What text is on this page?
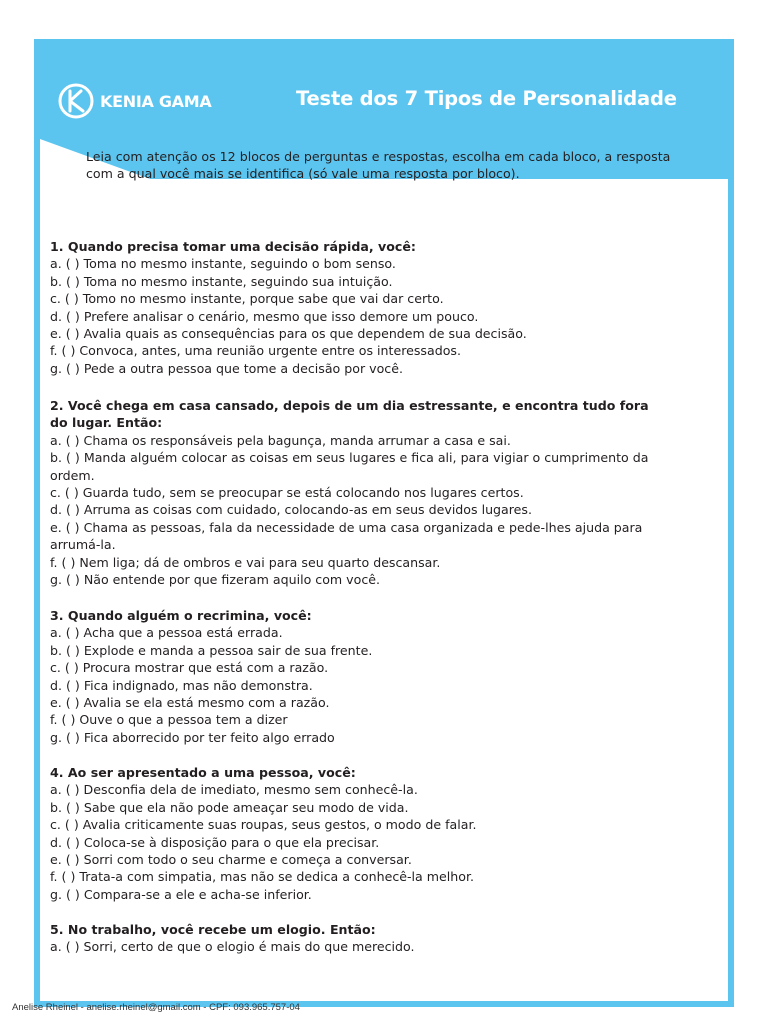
KENIA GAMA	Teste dos 7 Tipos de Personalidade
Leia com atenção os 12 blocos de perguntas e respostas, escolha em cada bloco, a resposta com a qual você mais se identifica (só vale uma resposta por bloco).
1. Quando precisa tomar uma decisão rápida, você:
a. ( ) Toma no mesmo instante, seguindo o bom senso.
b. ( ) Toma no mesmo instante, seguindo sua intuição.
c. ( ) Tomo no mesmo instante, porque sabe que vai dar certo.
d. ( ) Prefere analisar o cenário, mesmo que isso demore um pouco.
e. ( ) Avalia quais as consequências para os que dependem de sua decisão.
f. ( ) Convoca, antes, uma reunião urgente entre os interessados.
g. ( ) Pede a outra pessoa que tome a decisão por você.
2. Você chega em casa cansado, depois de um dia estressante, e encontra tudo fora do lugar. Então:
a. ( ) Chama os responsáveis pela bagunça, manda arrumar a casa e sai.
b. ( ) Manda alguém colocar as coisas em seus lugares e fica ali, para vigiar o cumprimento da ordem.
c. ( ) Guarda tudo, sem se preocupar se está colocando nos lugares certos.
d. ( ) Arruma as coisas com cuidado, colocando-as em seus devidos lugares.
e. ( ) Chama as pessoas, fala da necessidade de uma casa organizada e pede-lhes ajuda para arrumá-la.
f. ( ) Nem liga; dá de ombros e vai para seu quarto descansar.
g. ( ) Não entende por que fizeram aquilo com você.
3. Quando alguém o recrimina, você:
a. ( ) Acha que a pessoa está errada.
b. ( ) Explode e manda a pessoa sair de sua frente.
c. ( ) Procura mostrar que está com a razão.
d. ( ) Fica indignado, mas não demonstra.
e. ( ) Avalia se ela está mesmo com a razão.
f. ( ) Ouve o que a pessoa tem a dizer
g. ( ) Fica aborrecido por ter feito algo errado
4. Ao ser apresentado a uma pessoa, você:
a. ( ) Desconfia dela de imediato, mesmo sem conhecê-la.
b. ( ) Sabe que ela não pode ameaçar seu modo de vida.
c. ( ) Avalia criticamente suas roupas, seus gestos, o modo de falar.
d. ( ) Coloca-se à disposição para o que ela precisar.
e. ( ) Sorri com todo o seu charme e começa a conversar.
f. ( ) Trata-a com simpatia, mas não se dedica a conhecê-la melhor.
g. ( ) Compara-se a ele e acha-se inferior.
5. No trabalho, você recebe um elogio. Então:
a. ( ) Sorri, certo de que o elogio é mais do que merecido.
Anelise Rheinel - anelise.rheinel@gmail.com - CPF: 093.965.757-04
